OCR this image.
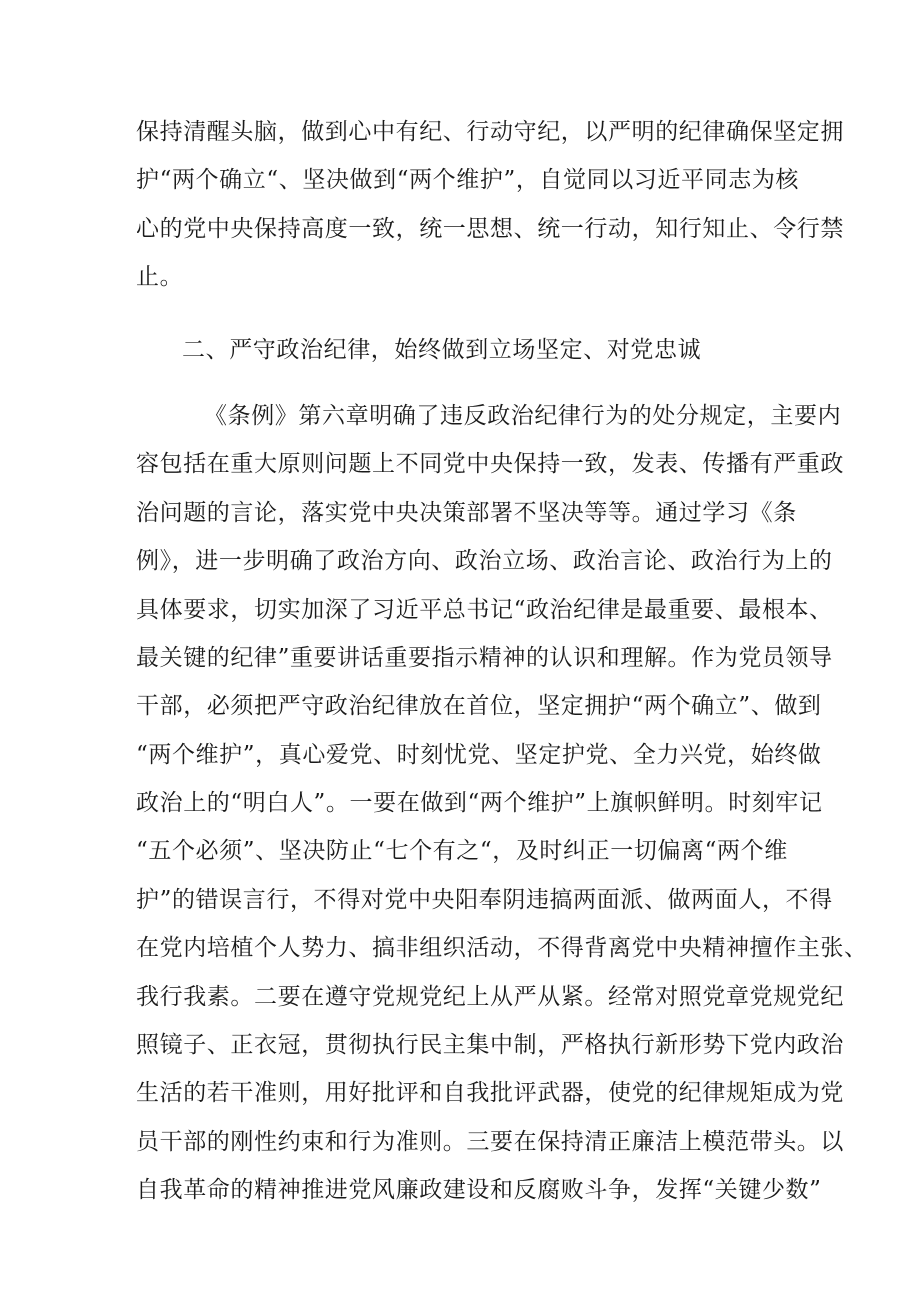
保持清醒头脑，做到心中有纪、行动守纪，以严明的纪律确保坚定拥
护“两个确立“、坚决做到“两个维护”，自觉同以习近平同志为核
心的党中央保持高度一致，统一思想、统一行动，知行知止、令行禁
止。
二、严守政治纪律，始终做到立场坚定、对党忠诚
《条例》第六章明确了违反政治纪律行为的处分规定，主要内
容包括在重大原则问题上不同党中央保持一致，发表、传播有严重政
治问题的言论，落实党中央决策部署不坚决等等。通过学习《条
例》，进一步明确了政治方向、政治立场、政治言论、政治行为上的
具体要求，切实加深了习近平总书记“政治纪律是最重要、最根本、
最关键的纪律”重要讲话重要指示精神的认识和理解。作为党员领导
干部，必须把严守政治纪律放在首位，坚定拥护“两个确立”、做到
“两个维护”，真心爱党、时刻忧党、坚定护党、全力兴党，始终做
政治上的“明白人”。一要在做到“两个维护”上旗帜鲜明。时刻牢记
“五个必须”、坚决防止“七个有之“，及时纠正一切偏离“两个维
护”的错误言行，不得对党中央阳奉阴违搞两面派、做两面人，不得
在党内培植个人势力、搞非组织活动，不得背离党中央精神擅作主张、
我行我素。二要在遵守党规党纪上从严从紧。经常对照党章党规党纪
照镜子、正衣冠，贯彻执行民主集中制，严格执行新形势下党内政治
生活的若干准则，用好批评和自我批评武器，使党的纪律规矩成为党
员干部的刚性约束和行为准则。三要在保持清正廉洁上模范带头。以
自我革命的精神推进党风廉政建设和反腐败斗争，发挥“关键少数”
